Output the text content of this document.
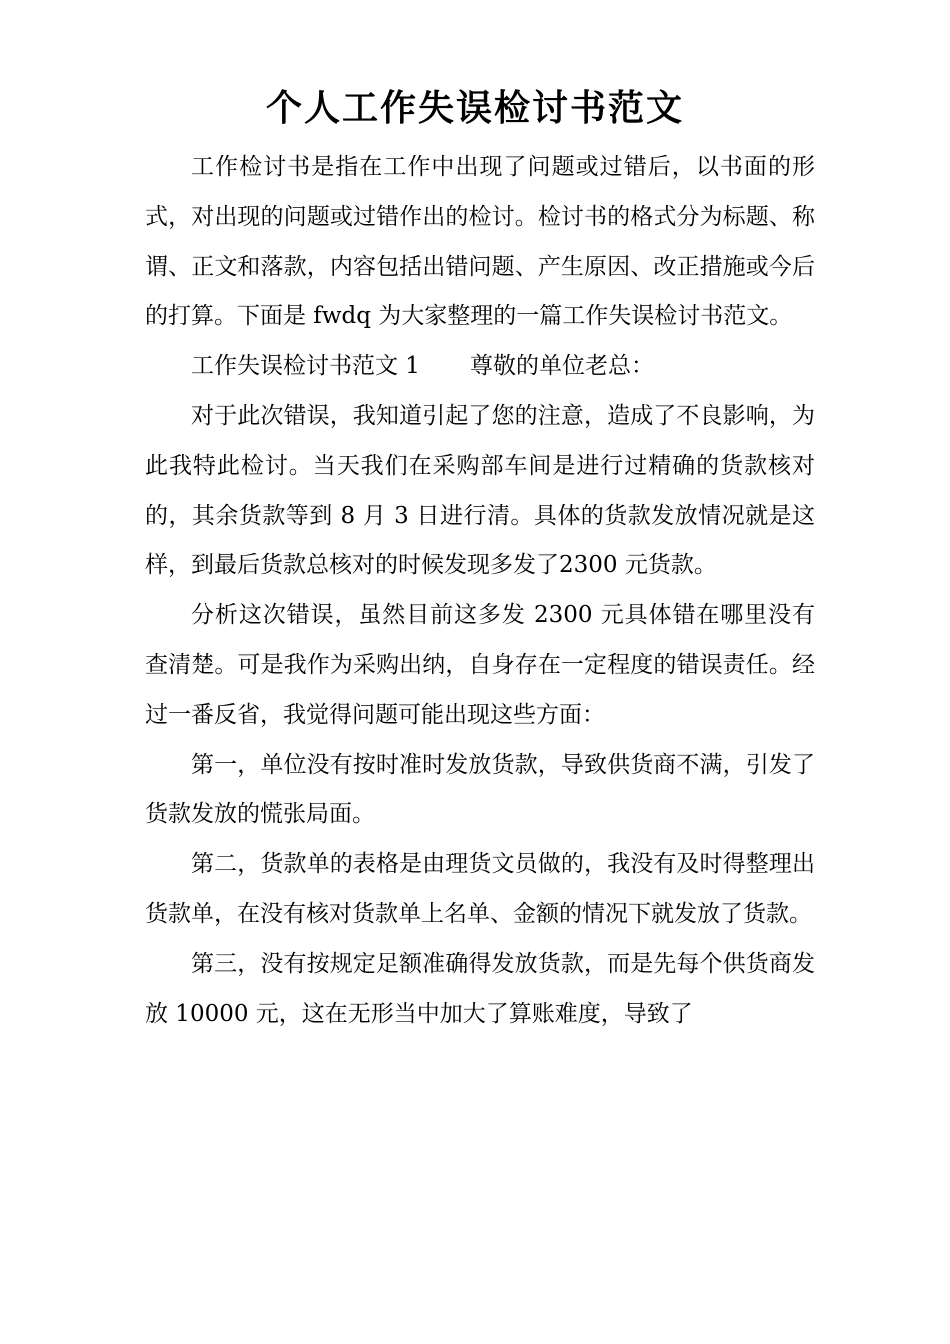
个人工作失误检讨书范文

工作检讨书是指在工作中出现了问题或过错后，以书面的形式，对出现的问题或过错作出的检讨。检讨书的格式分为标题、称谓、正文和落款，内容包括出错问题、产生原因、改正措施或今后的打算。下面是 fwdq 为大家整理的一篇工作失误检讨书范文。

工作失误检讨书范文 1 尊敬的单位老总：

对于此次错误，我知道引起了您的注意，造成了不良影响，为此我特此检讨。当天我们在采购部车间是进行过精确的货款核对的，其余货款等到 8 月 3 日进行清。具体的货款发放情况就是这样，到最后货款总核对的时候发现多发了2300 元货款。

分析这次错误，虽然目前这多发 2300 元具体错在哪里没有查清楚。可是我作为采购出纳，自身存在一定程度的错误责任。经过一番反省，我觉得问题可能出现这些方面：

第一，单位没有按时准时发放货款，导致供货商不满，引发了货款发放的慌张局面。

第二，货款单的表格是由理货文员做的，我没有及时得整理出货款单，在没有核对货款单上名单、金额的情况下就发放了货款。

第三，没有按规定足额准确得发放货款，而是先每个供货商发放 10000 元，这在无形当中加大了算账难度，导致了
